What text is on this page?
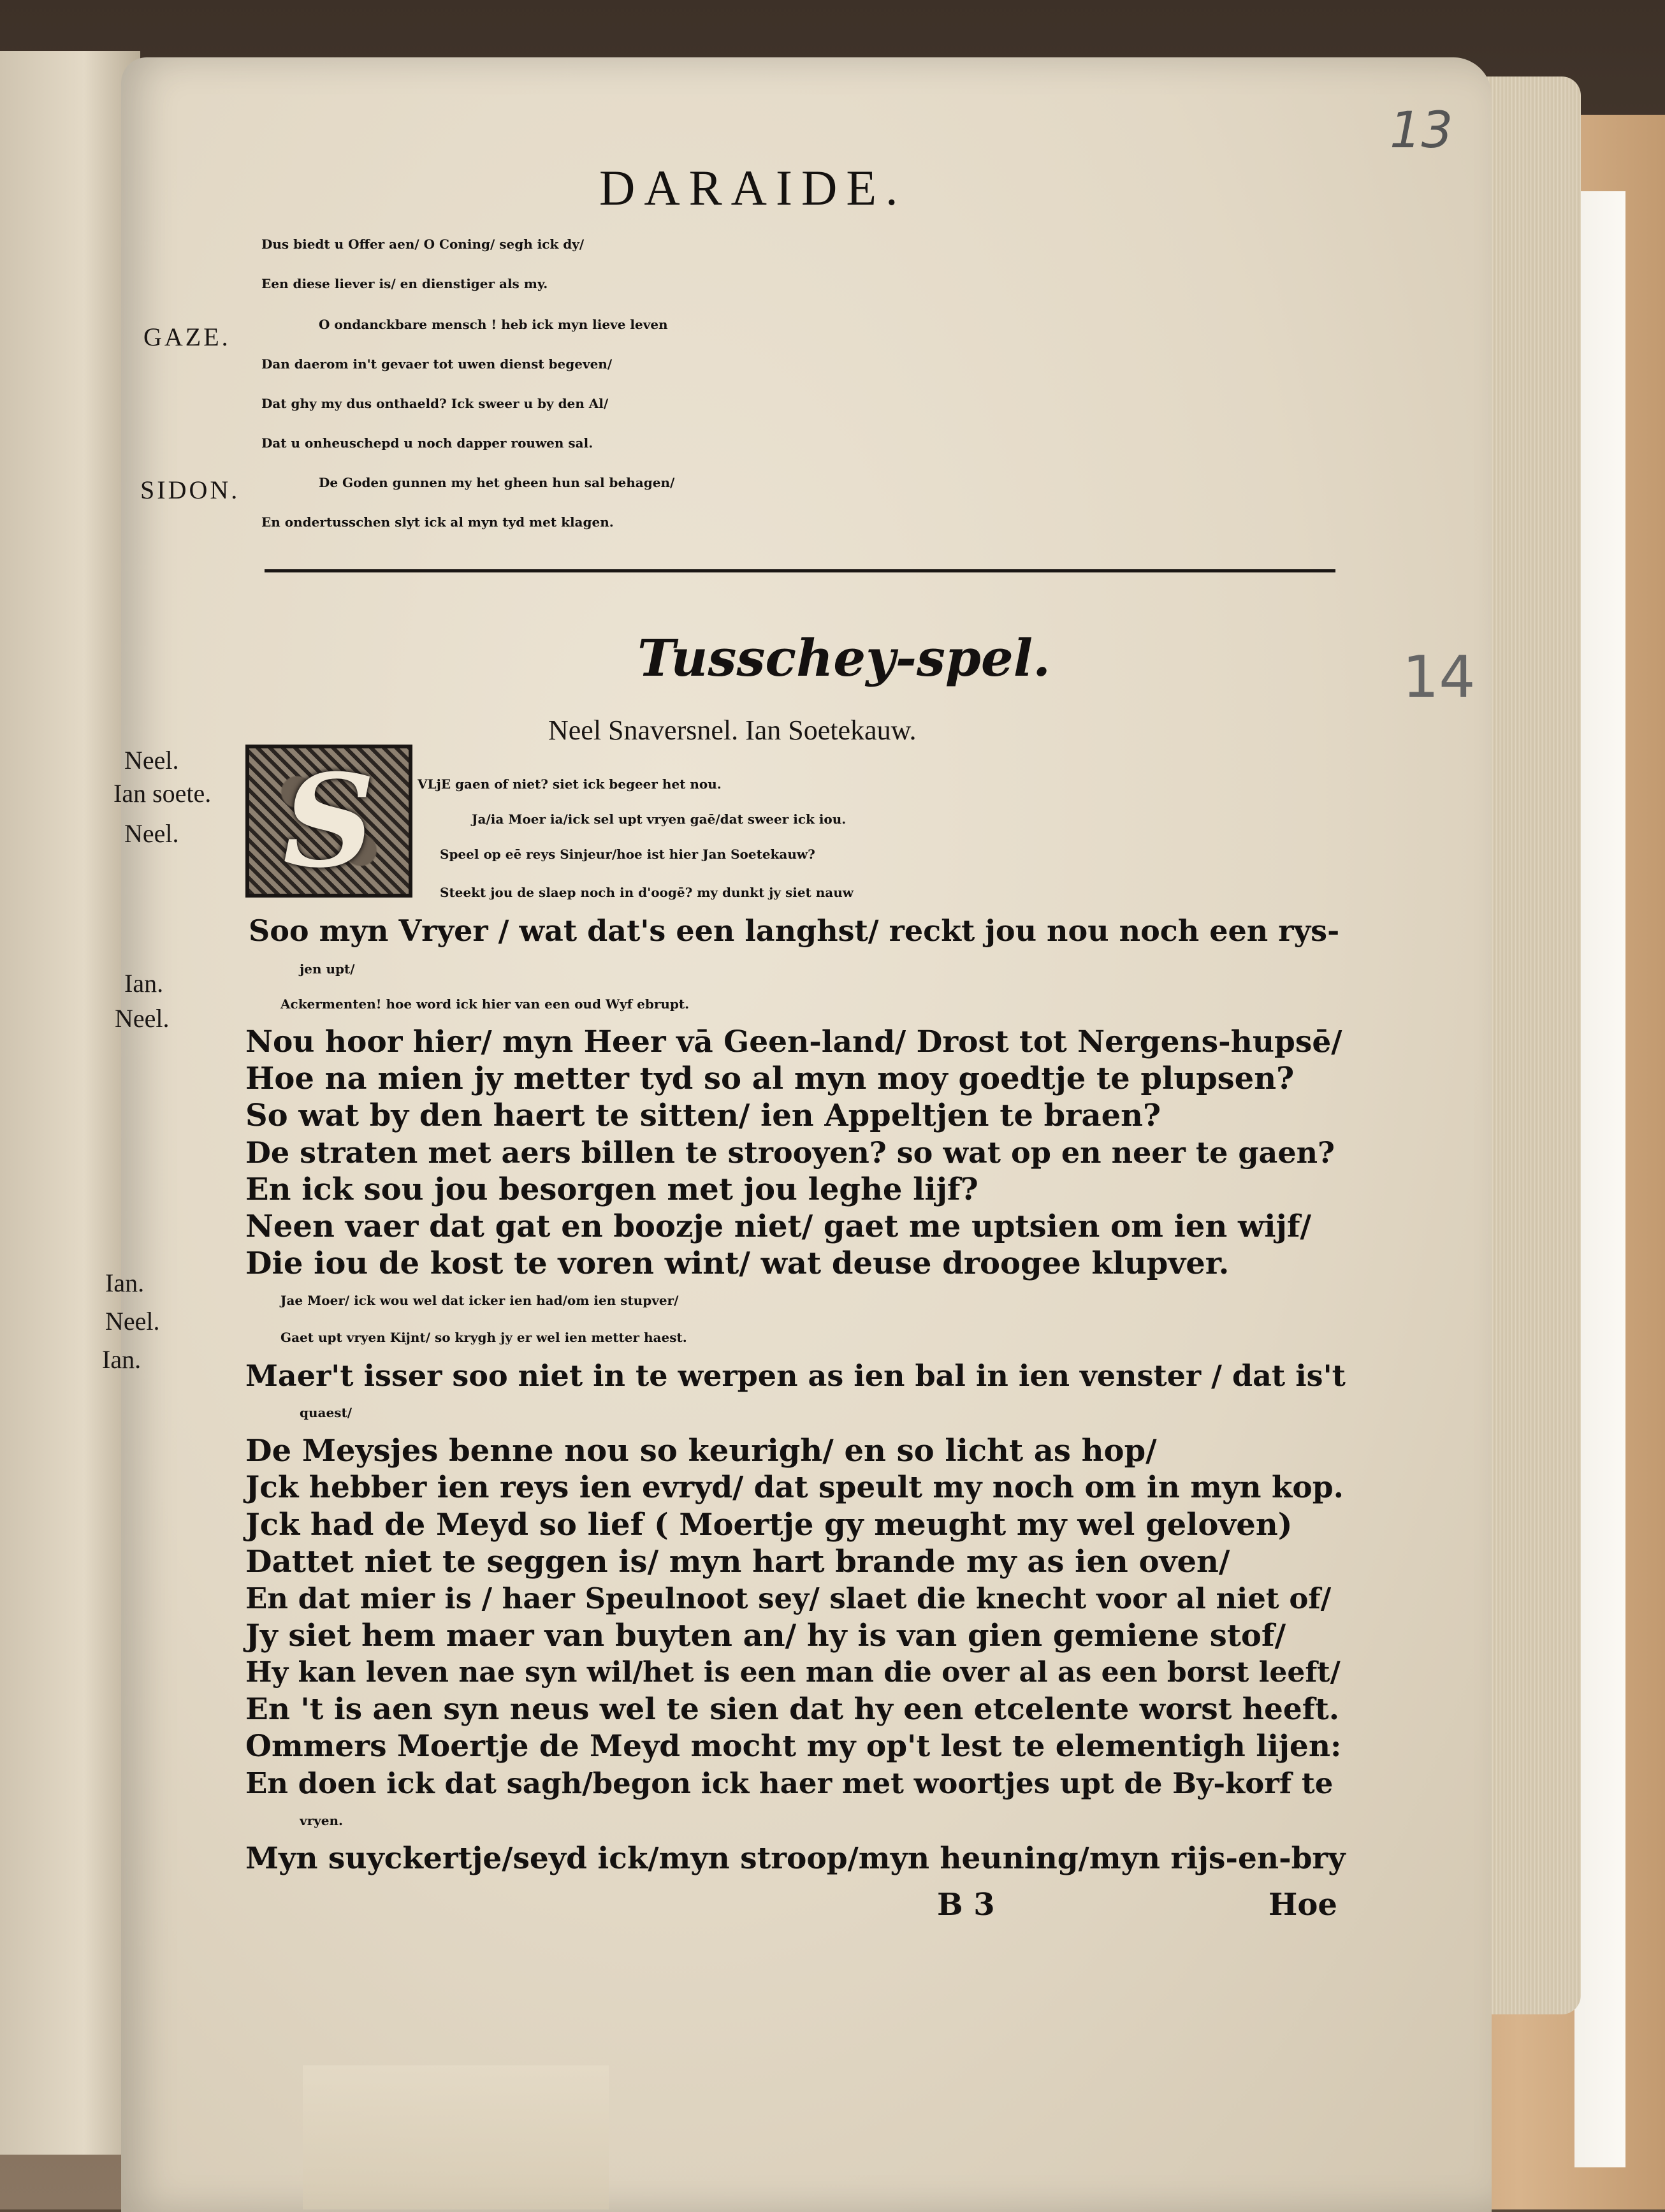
13
14
DARAIDE.
Dus biedt u Offer aen/ O Coning/ segh ick dy/
Een diese liever is/ en dienstiger als my.
O ondanckbare mensch ! heb ick myn lieve leven
Dan daerom in't gevaer tot uwen dienst begeven/
Dat ghy my dus onthaeld? Ick sweer u by den Al/
Dat u onheuschepd u noch dapper rouwen sal.
De Goden gunnen my het gheen hun sal behagen/
En ondertusschen slyt ick al myn tyd met klagen.
GAZE.
SIDON.
Tusschey-spel.
Neel Snaversnel. Ian Soetekauw.
S
Neel.
Ian soete.
Neel.
Ian.
Neel.
Ian.
Neel.
Ian.
VLjE gaen of niet? siet ick begeer het nou.
Ja/ia Moer ia/ick sel upt vryen gaē/dat sweer ick iou.
Speel op eē reys Sinjeur/hoe ist hier Jan Soetekauw?
Steekt jou de slaep noch in d'oogē? my dunkt jy siet nauw
Soo myn Vryer / wat dat's een langhst/ reckt jou nou noch een rys-
jen upt/
Ackermenten! hoe word ick hier van een oud Wyf ebrupt.
Nou hoor hier/ myn Heer vā Geen-land/ Drost tot Nergens-hupsē/
Hoe na mien jy metter tyd so al myn moy goedtje te plupsen?
So wat by den haert te sitten/ ien Appeltjen te braen?
De straten met aers billen te strooyen? so wat op en neer te gaen?
En ick sou jou besorgen met jou leghe lijf?
Neen vaer dat gat en boozje niet/ gaet me uptsien om ien wijf/
Die iou de kost te voren wint/ wat deuse droogee klupver.
Jae Moer/ ick wou wel dat icker ien had/om ien stupver/
Gaet upt vryen Kijnt/ so krygh jy er wel ien metter haest.
Maer't isser soo niet in te werpen as ien bal in ien venster / dat is't
quaest/
De Meysjes benne nou so keurigh/ en so licht as hop/
Jck hebber ien reys ien evryd/ dat speult my noch om in myn kop.
Jck had de Meyd so lief ( Moertje gy meught my wel geloven)
Dattet niet te seggen is/ myn hart brande my as ien oven/
En dat mier is / haer Speulnoot sey/ slaet die knecht voor al niet of/
Jy siet hem maer van buyten an/ hy is van gien gemiene stof/
Hy kan leven nae syn wil/het is een man die over al as een borst leeft/
En 't is aen syn neus wel te sien dat hy een etcelente worst heeft.
Ommers Moertje de Meyd mocht my op't lest te elementigh lijen:
En doen ick dat sagh/begon ick haer met woortjes upt de By-korf te
vryen.
Myn suyckertje/seyd ick/myn stroop/myn heuning/myn rijs-en-bry
B 3	Hoe
